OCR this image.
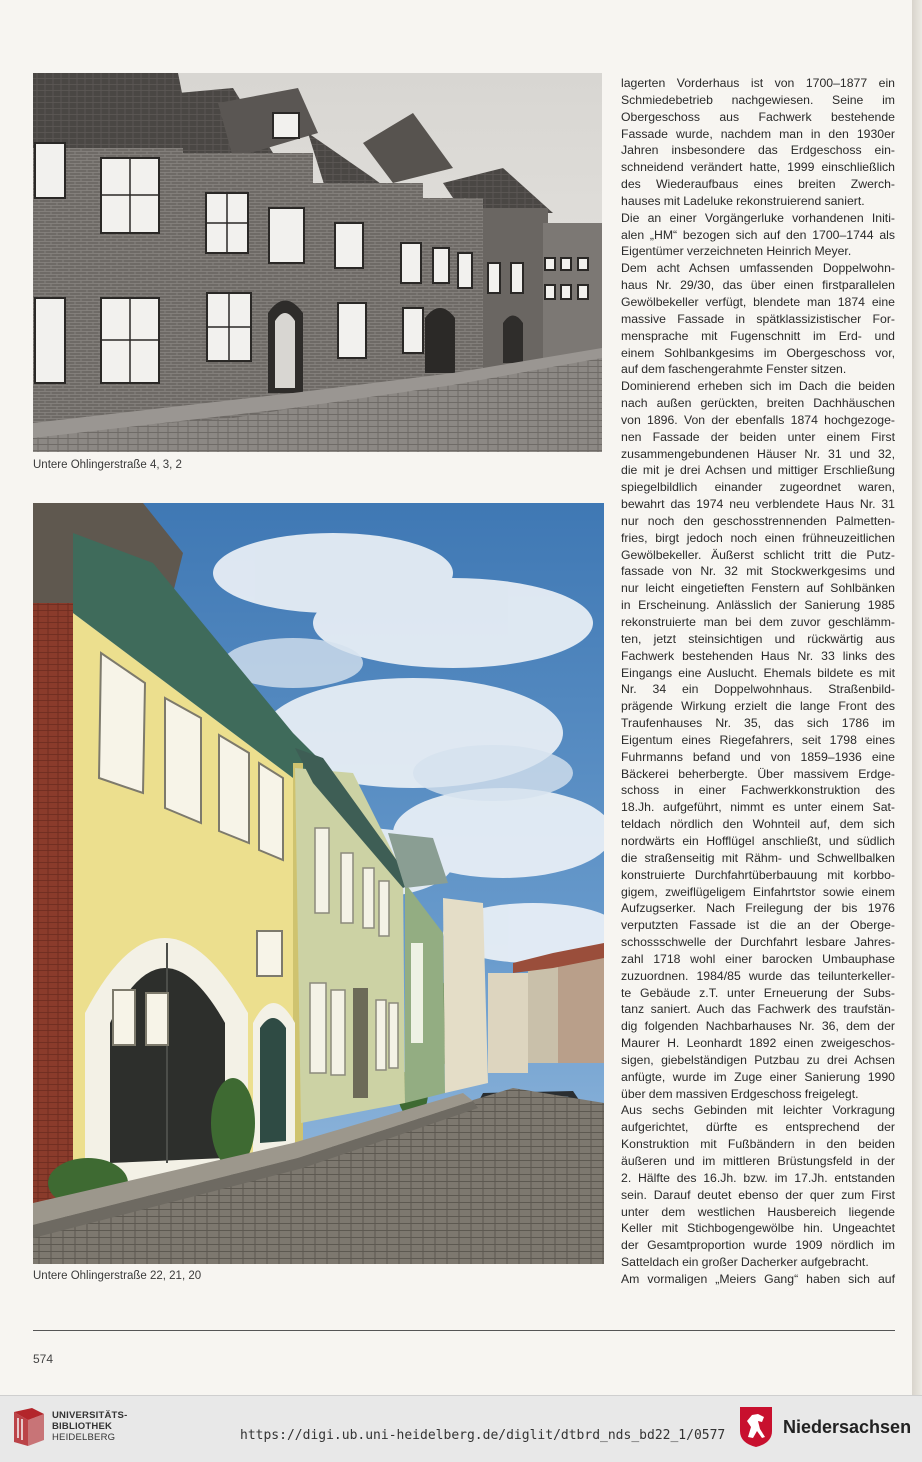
Untere Ohlingerstraße 4, 3, 2
Untere Ohlingerstraße 22, 21, 20

lagerten Vorderhaus ist von 1700–1877 ein

Schmiedebetrieb nachgewiesen. Seine im

Obergeschoss aus Fachwerk bestehende

Fassade wurde, nachdem man in den 1930er

Jahren insbesondere das Erdgeschoss ein-

schneidend verändert hatte, 1999 einschließlich

des Wiederaufbaus eines breiten Zwerch-

hauses mit Ladeluke rekonstruierend saniert.

Die an einer Vorgängerluke vorhandenen Initi-

alen „HM“ bezogen sich auf den 1700–1744 als

Eigentümer verzeichneten Heinrich Meyer.

Dem acht Achsen umfassenden Doppelwohn-

haus Nr. 29/30, das über einen firstparallelen

Gewölbekeller verfügt, blendete man 1874 eine

massive Fassade in spätklassizistischer For-

mensprache mit Fugenschnitt im Erd- und

einem Sohlbankgesims im Obergeschoss vor,

auf dem faschengerahmte Fenster sitzen.

Dominierend erheben sich im Dach die beiden

nach außen gerückten, breiten Dachhäuschen

von 1896. Von der ebenfalls 1874 hochgezoge-

nen Fassade der beiden unter einem First

zusammengebundenen Häuser Nr. 31 und 32,

die mit je drei Achsen und mittiger Erschließung

spiegelbildlich einander zugeordnet waren,

bewahrt das 1974 neu verblendete Haus Nr. 31

nur noch den geschosstrennenden Palmetten-

fries, birgt jedoch noch einen frühneuzeitlichen

Gewölbekeller. Äußerst schlicht tritt die Putz-

fassade von Nr. 32 mit Stockwerkgesims und

nur leicht eingetieften Fenstern auf Sohlbänken

in Erscheinung. Anlässlich der Sanierung 1985

rekonstruierte man bei dem zuvor geschlämm-

ten, jetzt steinsichtigen und rückwärtig aus

Fachwerk bestehenden Haus Nr. 33 links des

Eingangs eine Auslucht. Ehemals bildete es mit

Nr. 34 ein Doppelwohnhaus. Straßenbild-

prägende Wirkung erzielt die lange Front des

Traufenhauses Nr. 35, das sich 1786 im

Eigentum eines Riegefahrers, seit 1798 eines

Fuhrmanns befand und von 1859–1936 eine

Bäckerei beherbergte. Über massivem Erdge-

schoss in einer Fachwerkkonstruktion des

18.Jh. aufgeführt, nimmt es unter einem Sat-

teldach nördlich den Wohnteil auf, dem sich

nordwärts ein Hofflügel anschließt, und südlich

die straßenseitig mit Rähm- und Schwellbalken

konstruierte Durchfahrtüberbauung mit korbbo-

gigem, zweiflügeligem Einfahrtstor sowie einem

Aufzugserker. Nach Freilegung der bis 1976

verputzten Fassade ist die an der Oberge-

schossschwelle der Durchfahrt lesbare Jahres-

zahl 1718 wohl einer barocken Umbauphase

zuzuordnen. 1984/85 wurde das teilunterkeller-

te Gebäude z.T. unter Erneuerung der Subs-

tanz saniert. Auch das Fachwerk des traufstän-

dig folgenden Nachbarhauses Nr. 36, dem der

Maurer H. Leonhardt 1892 einen zweigeschos-

sigen, giebelständigen Putzbau zu drei Achsen

anfügte, wurde im Zuge einer Sanierung 1990

über dem massiven Erdgeschoss freigelegt.

Aus sechs Gebinden mit leichter Vorkragung

aufgerichtet, dürfte es entsprechend der

Konstruktion mit Fußbändern in den beiden

äußeren und im mittleren Brüstungsfeld in der

2. Hälfte des 16.Jh. bzw. im 17.Jh. entstanden

sein. Darauf deutet ebenso der quer zum First

unter dem westlichen Hausbereich liegende

Keller mit Stichbogengewölbe hin. Ungeachtet

der Gesamtproportion wurde 1909 nördlich im

Satteldach ein großer Dacherker aufgebracht.

Am vormaligen „Meiers Gang“ haben sich auf

574
UNIVERSITÄTS-
BIBLIOTHEK
HEIDELBERG	https://digi.ub.uni-heidelberg.de/diglit/dtbrd_nds_bd22_1/0577	Niedersachsen
